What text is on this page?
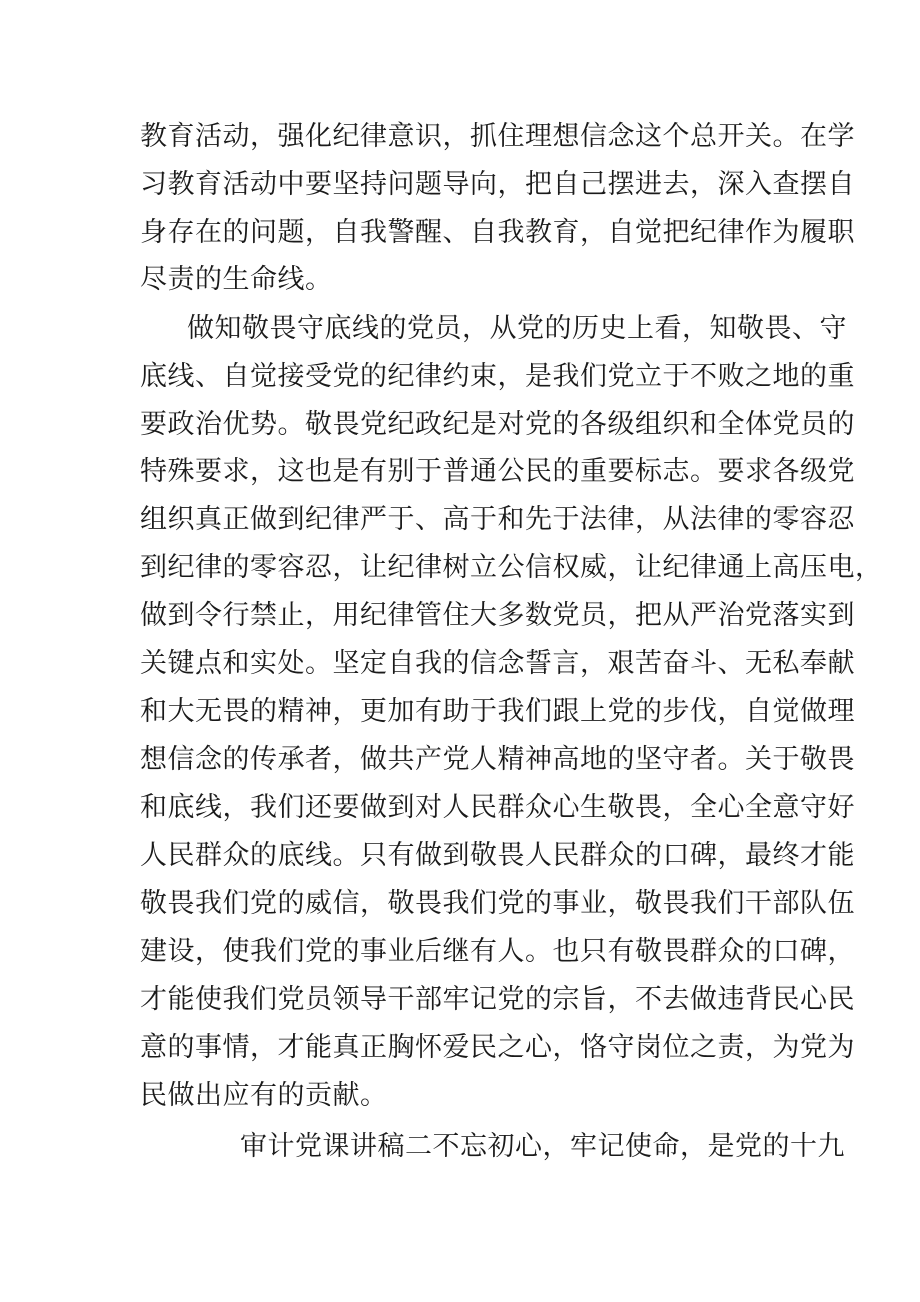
教育活动，强化纪律意识，抓住理想信念这个总开关。在学
习教育活动中要坚持问题导向，把自己摆进去，深入查摆自
身存在的问题，自我警醒、自我教育，自觉把纪律作为履职
尽责的生命线。
做知敬畏守底线的党员，从党的历史上看，知敬畏、守
底线、自觉接受党的纪律约束，是我们党立于不败之地的重
要政治优势。敬畏党纪政纪是对党的各级组织和全体党员的
特殊要求，这也是有别于普通公民的重要标志。要求各级党
组织真正做到纪律严于、高于和先于法律，从法律的零容忍
到纪律的零容忍，让纪律树立公信权威，让纪律通上高压电，
做到令行禁止，用纪律管住大多数党员，把从严治党落实到
关键点和实处。坚定自我的信念誓言，艰苦奋斗、无私奉献
和大无畏的精神，更加有助于我们跟上党的步伐，自觉做理
想信念的传承者，做共产党人精神高地的坚守者。关于敬畏
和底线，我们还要做到对人民群众心生敬畏，全心全意守好
人民群众的底线。只有做到敬畏人民群众的口碑，最终才能
敬畏我们党的威信，敬畏我们党的事业，敬畏我们干部队伍
建设，使我们党的事业后继有人。也只有敬畏群众的口碑，
才能使我们党员领导干部牢记党的宗旨，不去做违背民心民
意的事情，才能真正胸怀爱民之心，恪守岗位之责，为党为
民做出应有的贡献。
审计党课讲稿二不忘初心，牢记使命，是党的十九
